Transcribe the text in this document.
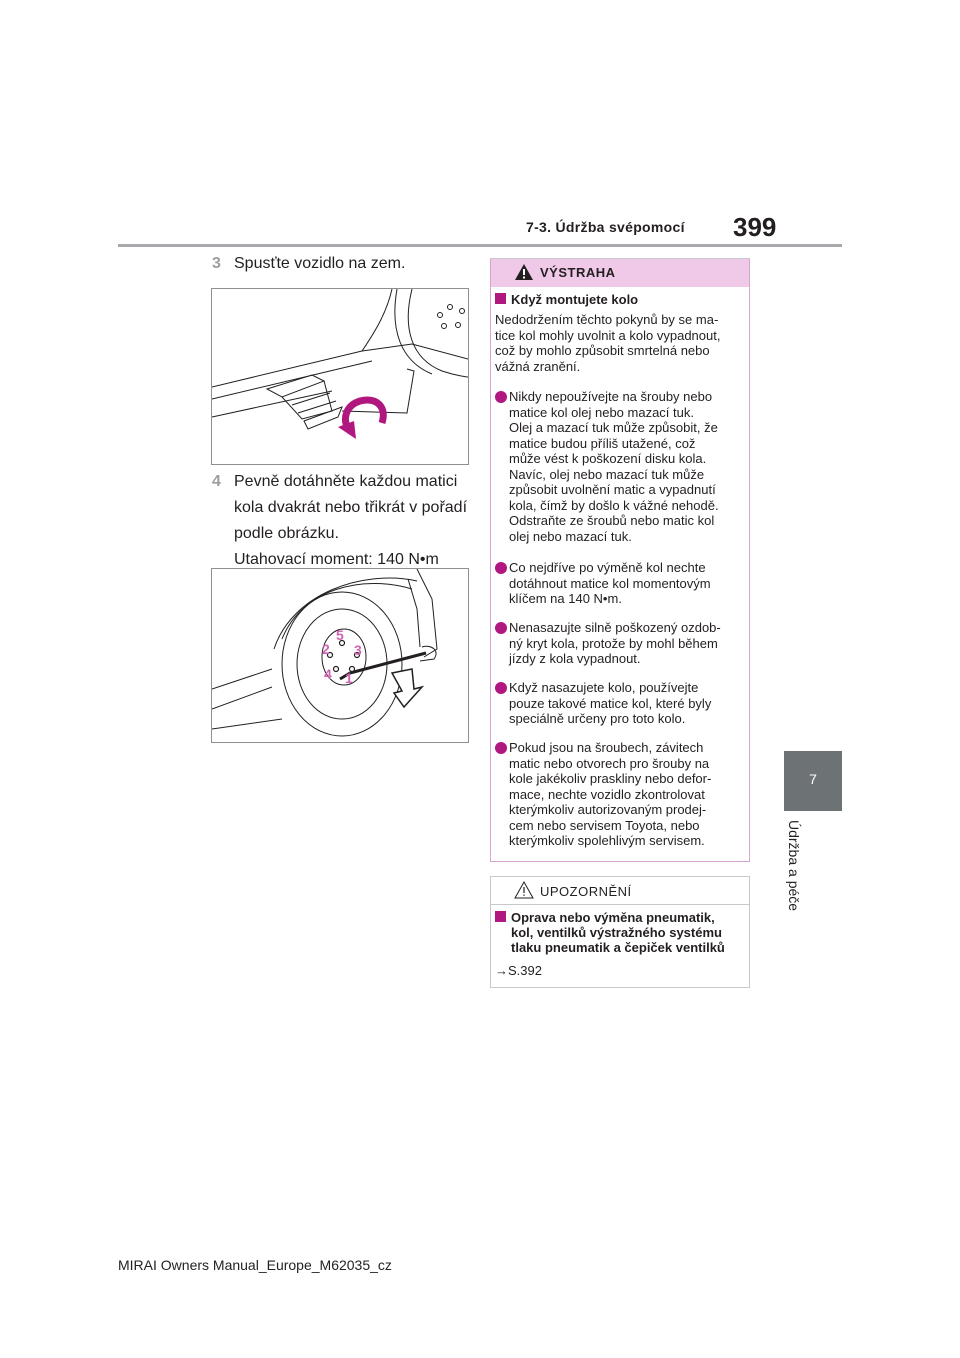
7-3. Údržba svépomocí 399
7
Údržba a péče
3 Spusťte vozidlo na zem.
4 Pevně dotáhněte každou matici
kola dvakrát nebo třikrát v pořadí
podle obrázku.
Utahovací moment: 140 N•m
1
2 3
4
5
VÝSTRAHA
Když montujete kolo
Nedodržením těchto pokynů by se ma-
tice kol mohly uvolnit a kolo vypadnout,
což by mohlo způsobit smrtelná nebo
vážná zranění.
Nikdy nepoužívejte na šrouby nebo
matice kol olej nebo mazací tuk.
Olej a mazací tuk může způsobit, že
matice budou příliš utažené, což
může vést k poškození disku kola.
Navíc, olej nebo mazací tuk může
způsobit uvolnění matic a vypadnutí
kola, čímž by došlo k vážné nehodě.
Odstraňte ze šroubů nebo matic kol
olej nebo mazací tuk.
Co nejdříve po výměně kol nechte
dotáhnout matice kol momentovým
klíčem na 140 N•m.
Nenasazujte silně poškozený ozdob-
ný kryt kola, protože by mohl během
jízdy z kola vypadnout.
Když nasazujete kolo, používejte
pouze takové matice kol, které byly
speciálně určeny pro toto kolo.
Pokud jsou na šroubech, závitech
matic nebo otvorech pro šrouby na
kole jakékoliv praskliny nebo defor-
mace, nechte vozidlo zkontrolovat
kterýmkoliv autorizovaným prodej-
cem nebo servisem Toyota, nebo
kterýmkoliv spolehlivým servisem.
UPOZORNĚNÍ
Oprava nebo výměna pneumatik,
kol, ventilků výstražného systému
tlaku pneumatik a čepiček ventilků
→S.392
MIRAI Owners Manual_Europe_M62035_cz
